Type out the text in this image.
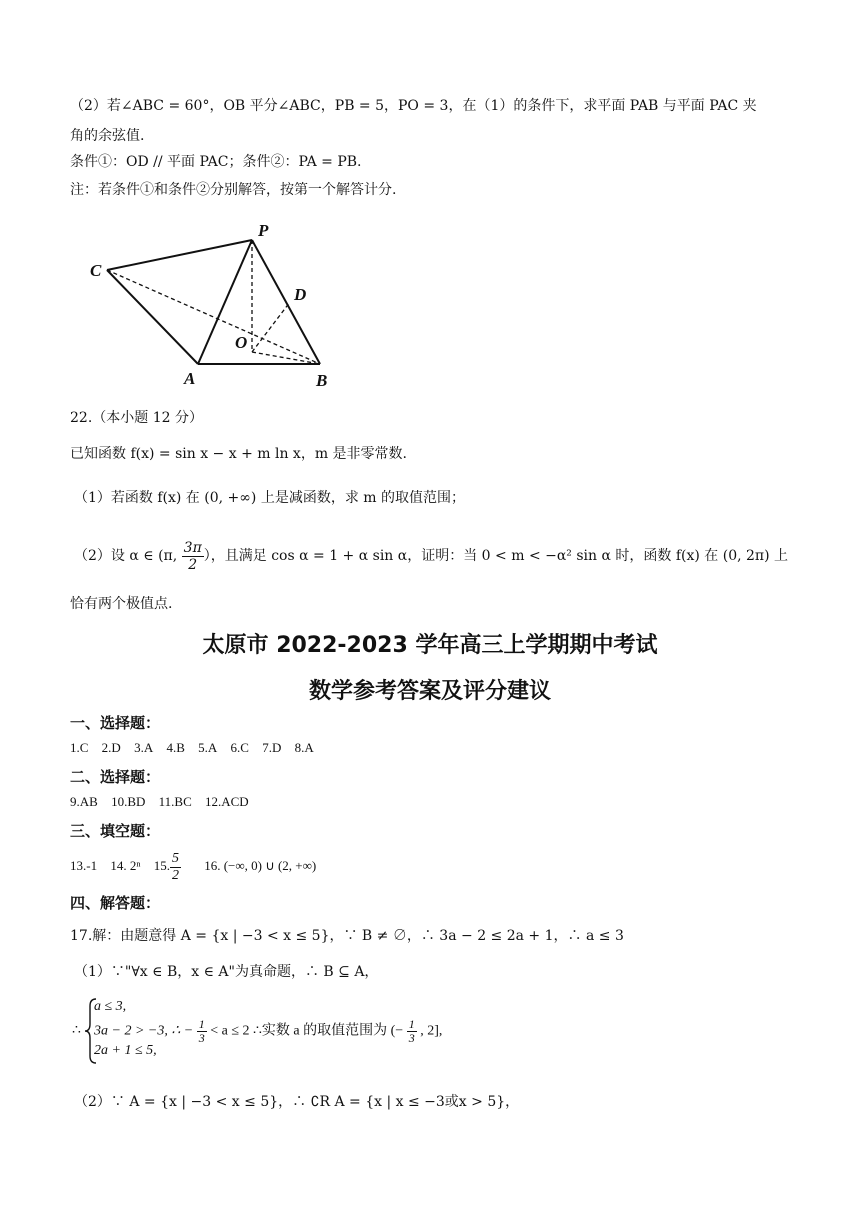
（2）若∠ABC = 60°，OB 平分∠ABC，PB = 5，PO = 3，在（1）的条件下，求平面 PAB 与平面 PAC 夹
角的余弦值.
条件①：OD // 平面 PAC；条件②：PA = PB.
注：若条件①和条件②分别解答，按第一个解答计分.
P
C
D
O
A	B
22.（本小题 12 分）
已知函数 f(x) = sin x − x + m ln x，m 是非零常数.
（1）若函数 f(x) 在 (0, +∞) 上是减函数，求 m 的取值范围；
（2）设 α ∈ (π, $\frac{3\pi}{2}$ ），且满足 cos α = 1 + α sin α，证明：当 0 < m < −α² sin α 时，函数 f(x) 在 (0, 2π) 上
恰有两个极值点.
太原市 2022-2023 学年高三上学期期中考试
数学参考答案及评分建议
一、选择题：
1.C 2.D 3.A 4.B 5.A 6.C 7.D 8.A
二、选择题：
9.AB 10.BD 11.BC 12.ACD
三、填空题：
13.-1 14. 2ⁿ 15. $\frac{5}{2} 16$. (−∞, 0) ∪ (2, +∞)
四、解答题：
17.解：由题意得 A = {x | −3 < x ≤ 5}，∵ B ≠ ∅，∴ 3a − 2 ≤ 2a + 1，∴ a ≤ 3
（1）∵"∀x ∈ B，x ∈ A"为真命题，∴ B ⊆ A，
∴
a ≤ 3,
3a − 2 > −3, ∴ − $\frac{1}{3} < a \le 2$ ∴实数 a 的取值范围为 (− $\frac{1}{3}$ , 2],
2a + 1 ≤ 5,
（2）∵ A = {x | −3 < x ≤ 5}，∴ ∁R A = {x | x ≤ −3或x > 5}，
